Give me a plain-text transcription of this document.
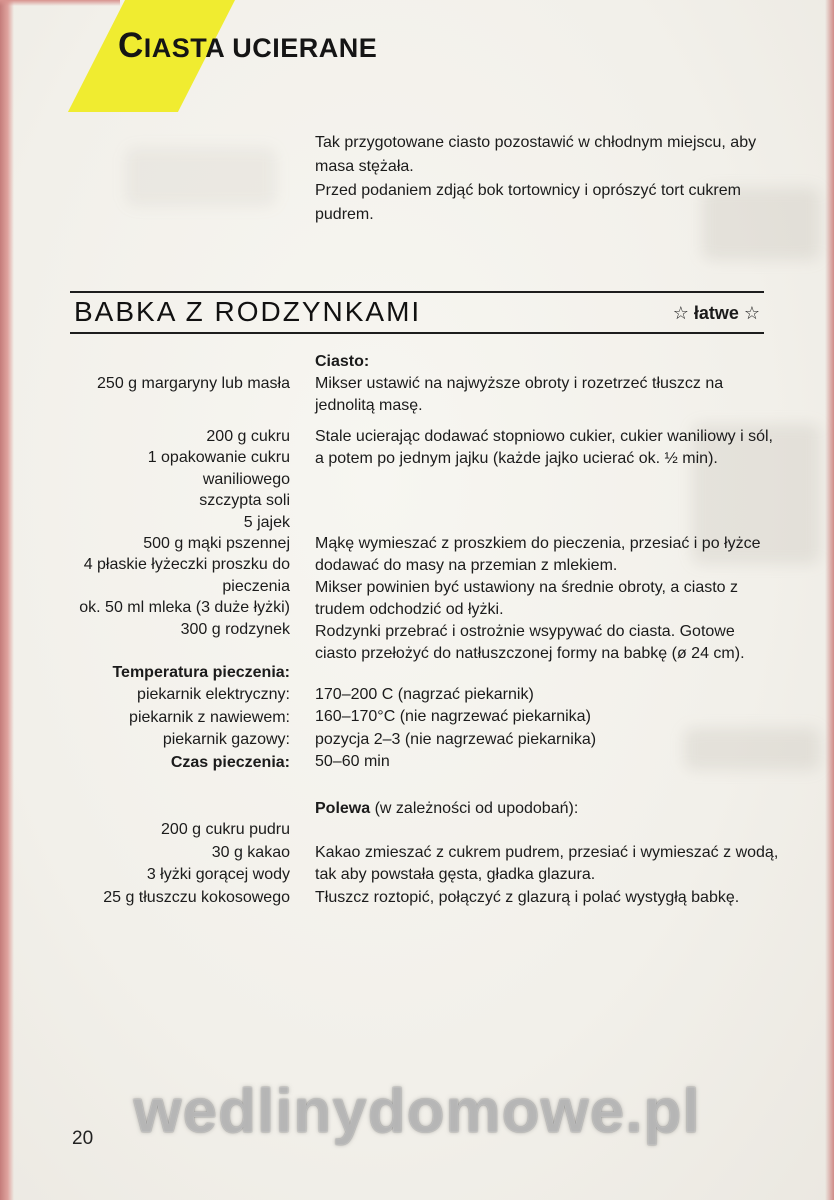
CIASTA UCIERANE

Tak przygotowane ciasto pozostawić w chłodnym miejscu, aby masa stężała.

Przed podaniem zdjąć bok tortownicy i oprószyć tort cukrem pudrem.

BABKA Z RODZYNKAMI	☆ łatwe ☆
250 g margaryny lub masła
200 g cukru
1 opakowanie cukru waniliowego
szczypta soli
5 jajek
500 g mąki pszennej
4 płaskie łyżeczki proszku do pieczenia
ok. 50 ml mleka (3 duże łyżki)
300 g rodzynek
Temperatura pieczenia:
piekarnik elektryczny:
piekarnik z nawiewem:
piekarnik gazowy:
Czas pieczenia:
200 g cukru pudru
30 g kakao
3 łyżki gorącej wody
25 g tłuszczu kokosowego
Ciasto:
Mikser ustawić na najwyższe obroty i rozetrzeć tłuszcz na jednolitą masę.
Stale ucierając dodawać stopniowo cukier, cukier waniliowy i sól, a potem po jednym jajku (każde jajko ucierać ok. ½ min).
Mąkę wymieszać z proszkiem do pieczenia, przesiać i po łyżce dodawać do masy na przemian z mlekiem.
Mikser powinien być ustawiony na średnie obroty, a ciasto z trudem odchodzić od łyżki.
Rodzynki przebrać i ostrożnie wsypywać do ciasta. Gotowe ciasto przełożyć do natłuszczonej formy na babkę (ø 24 cm).
170–200 C (nagrzać piekarnik)
160–170°C (nie nagrzewać piekarnika)
pozycja 2–3 (nie nagrzewać piekarnika)
50–60 min
Polewa (w zależności od upodobań):
Kakao zmieszać z cukrem pudrem, przesiać i wymieszać z wodą, tak aby powstała gęsta, gładka glazura.
Tłuszcz roztopić, połączyć z glazurą i polać wystygłą babkę.
wedlinydomowe.pl
20
